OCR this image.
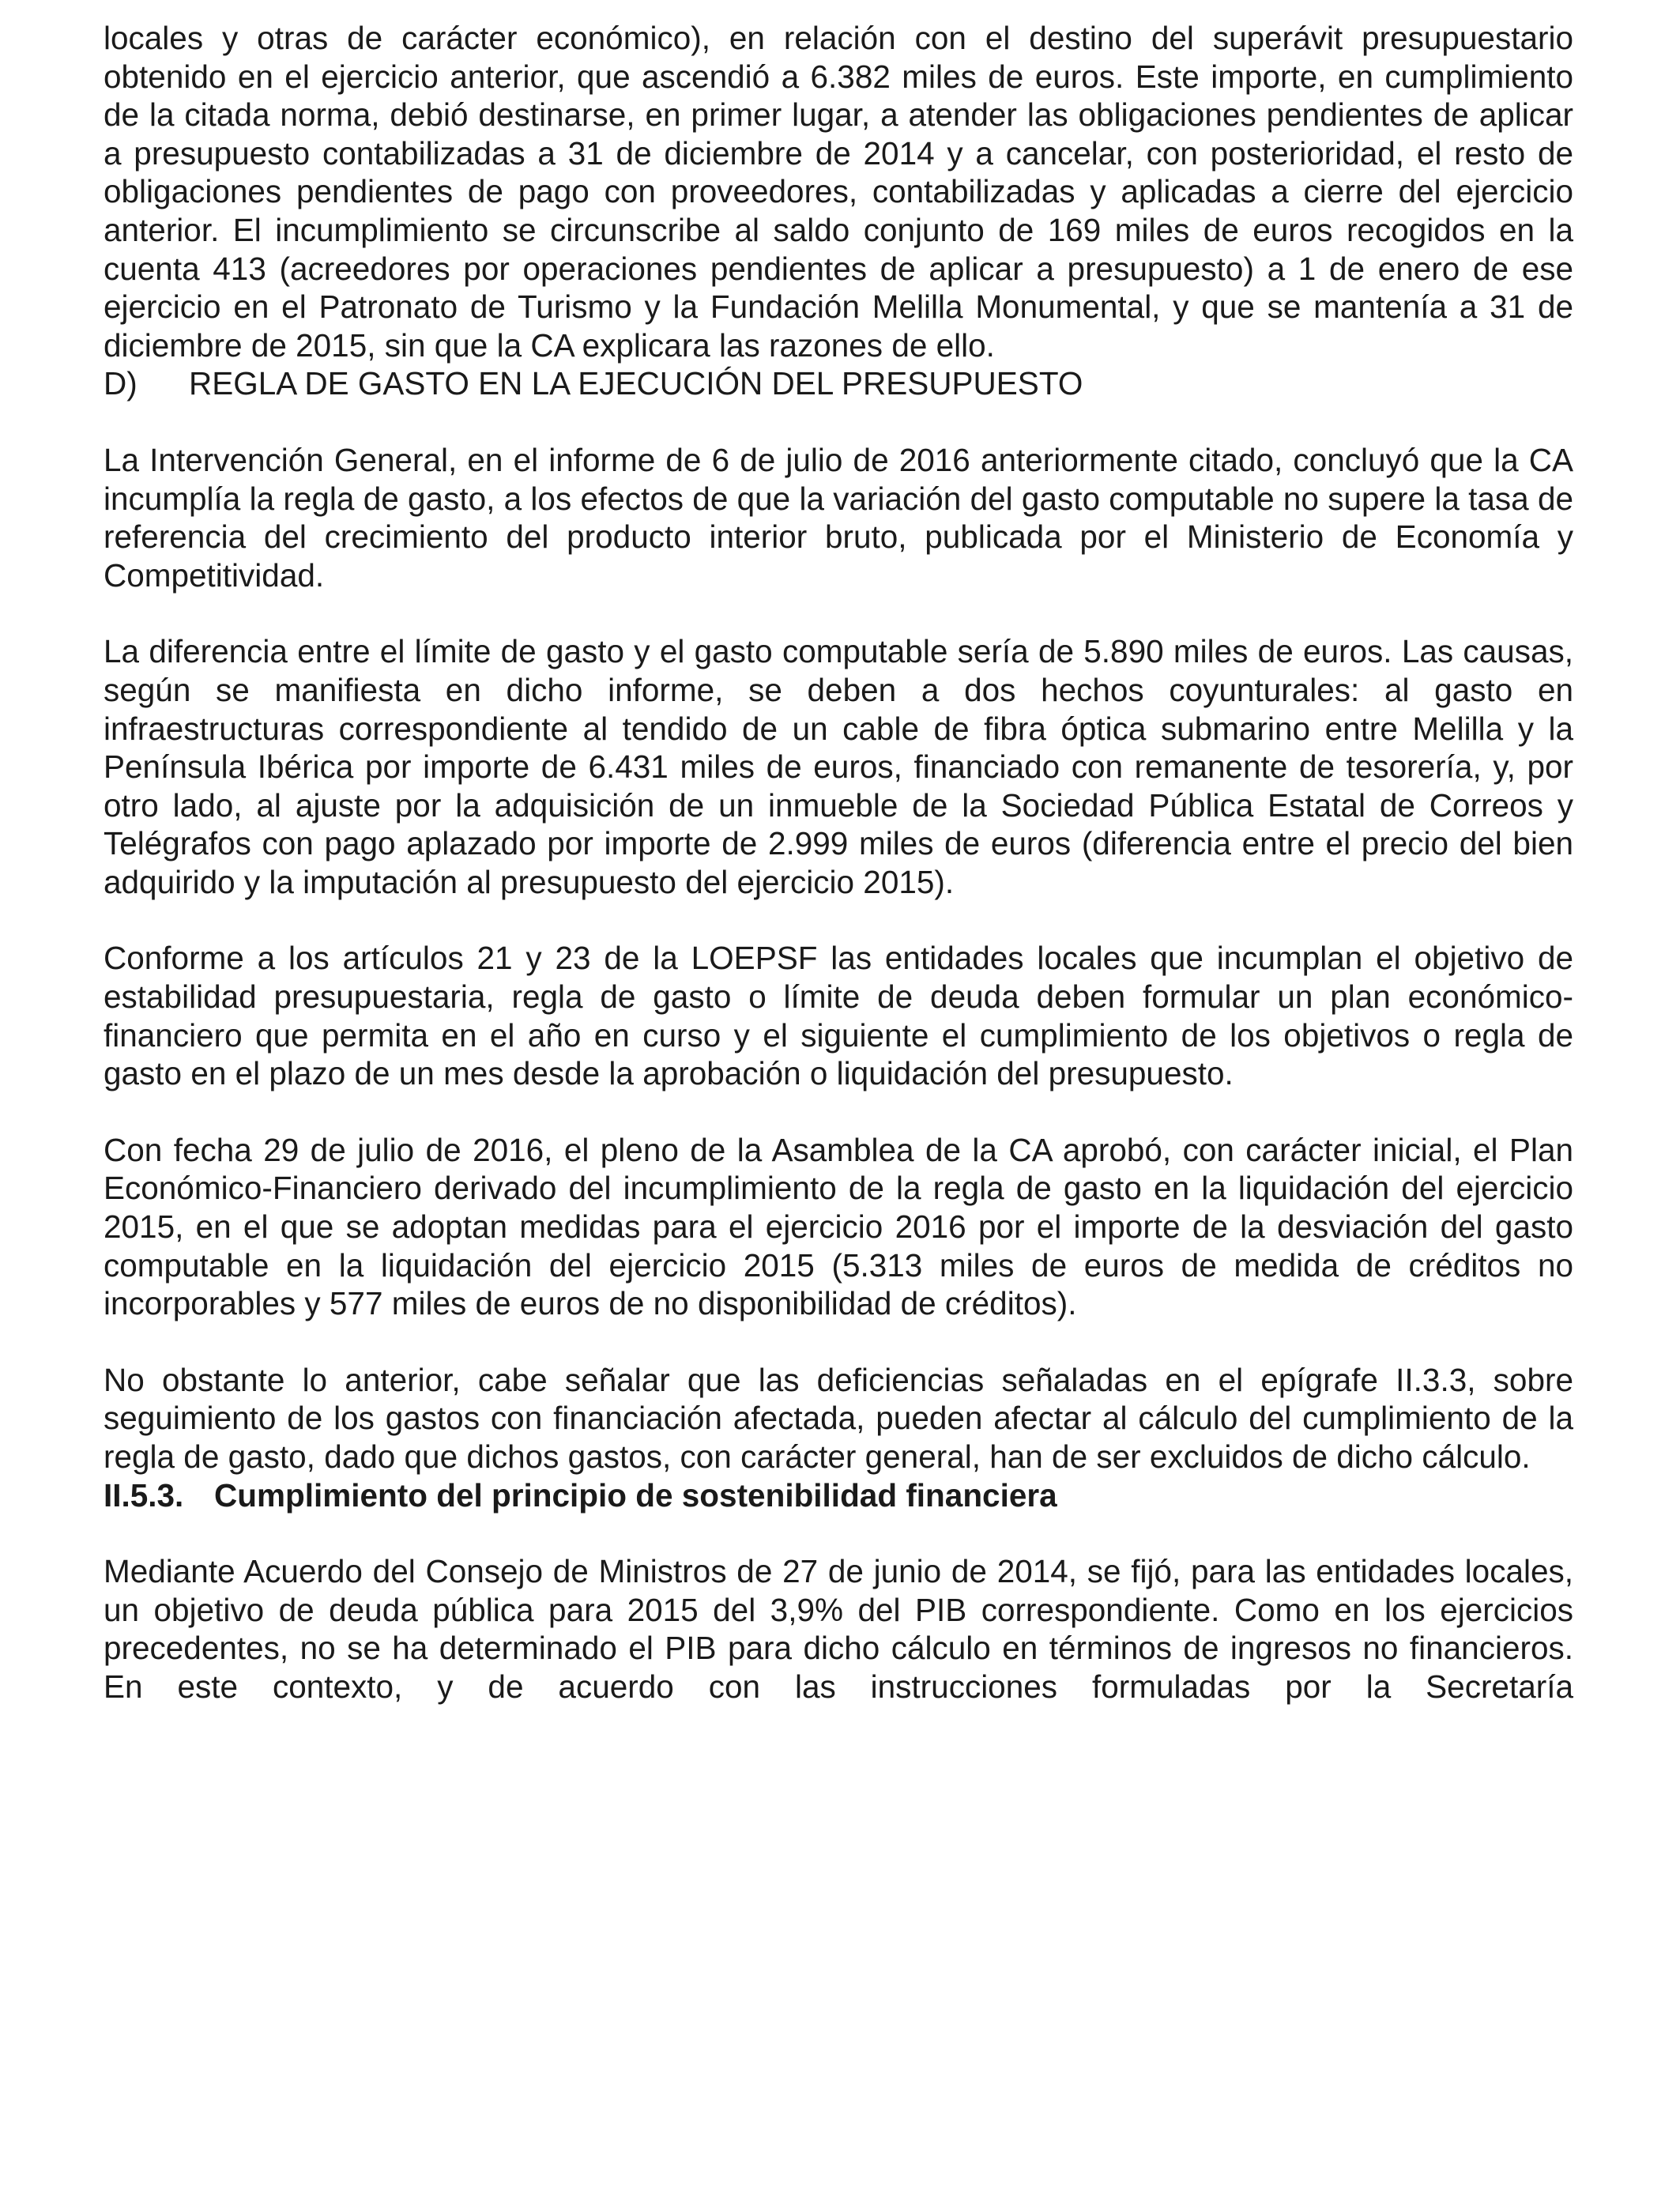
locales y otras de carácter económico), en relación con el destino del superávit presupuestario obtenido en el ejercicio anterior, que ascendió a 6.382 miles de euros. Este importe, en cumplimiento de la citada norma, debió destinarse, en primer lugar, a atender las obligaciones pendientes de aplicar a presupuesto contabilizadas a 31 de diciembre de 2014 y a cancelar, con posterioridad, el resto de obligaciones pendientes de pago con proveedores, contabilizadas y aplicadas a cierre del ejercicio anterior. El incumplimiento se circunscribe al saldo conjunto de 169 miles de euros recogidos en la cuenta 413 (acreedores por operaciones pendientes de aplicar a presupuesto) a 1 de enero de ese ejercicio en el Patronato de Turismo y la Fundación Melilla Monumental, y que se mantenía a 31 de diciembre de 2015, sin que la CA explicara las razones de ello.

D)	REGLA DE GASTO EN LA EJECUCIÓN DEL PRESUPUESTO

La Intervención General, en el informe de 6 de julio de 2016 anteriormente citado, concluyó que la CA incumplía la regla de gasto, a los efectos de que la variación del gasto computable no supere la tasa de referencia del crecimiento del producto interior bruto, publicada por el Ministerio de Economía y Competitividad.

La diferencia entre el límite de gasto y el gasto computable sería de 5.890 miles de euros. Las causas, según se manifiesta en dicho informe, se deben a dos hechos coyunturales: al gasto en infraestructuras correspondiente al tendido de un cable de fibra óptica submarino entre Melilla y la Península Ibérica por importe de 6.431 miles de euros, financiado con remanente de tesorería, y, por otro lado, al ajuste por la adquisición de un inmueble de la Sociedad Pública Estatal de Correos y Telégrafos con pago aplazado por importe de 2.999 miles de euros (diferencia entre el precio del bien adquirido y la imputación al presupuesto del ejercicio 2015).

Conforme a los artículos 21 y 23 de la LOEPSF las entidades locales que incumplan el objetivo de estabilidad presupuestaria, regla de gasto o límite de deuda deben formular un plan económico-financiero que permita en el año en curso y el siguiente el cumplimiento de los objetivos o regla de gasto en el plazo de un mes desde la aprobación o liquidación del presupuesto.

Con fecha 29 de julio de 2016, el pleno de la Asamblea de la CA aprobó, con carácter inicial, el Plan Económico-Financiero derivado del incumplimiento de la regla de gasto en la liquidación del ejercicio 2015, en el que se adoptan medidas para el ejercicio 2016 por el importe de la desviación del gasto computable en la liquidación del ejercicio 2015 (5.313 miles de euros de medida de créditos no incorporables y 577 miles de euros de no disponibilidad de créditos).

No obstante lo anterior, cabe señalar que las deficiencias señaladas en el epígrafe II.3.3, sobre seguimiento de los gastos con financiación afectada, pueden afectar al cálculo del cumplimiento de la regla de gasto, dado que dichos gastos, con carácter general, han de ser excluidos de dicho cálculo.

II.5.3. Cumplimiento del principio de sostenibilidad financiera

Mediante Acuerdo del Consejo de Ministros de 27 de junio de 2014, se fijó, para las entidades locales, un objetivo de deuda pública para 2015 del 3,9% del PIB correspondiente. Como en los ejercicios precedentes, no se ha determinado el PIB para dicho cálculo en términos de ingresos no financieros. En este contexto, y de acuerdo con las instrucciones formuladas por la Secretaría
